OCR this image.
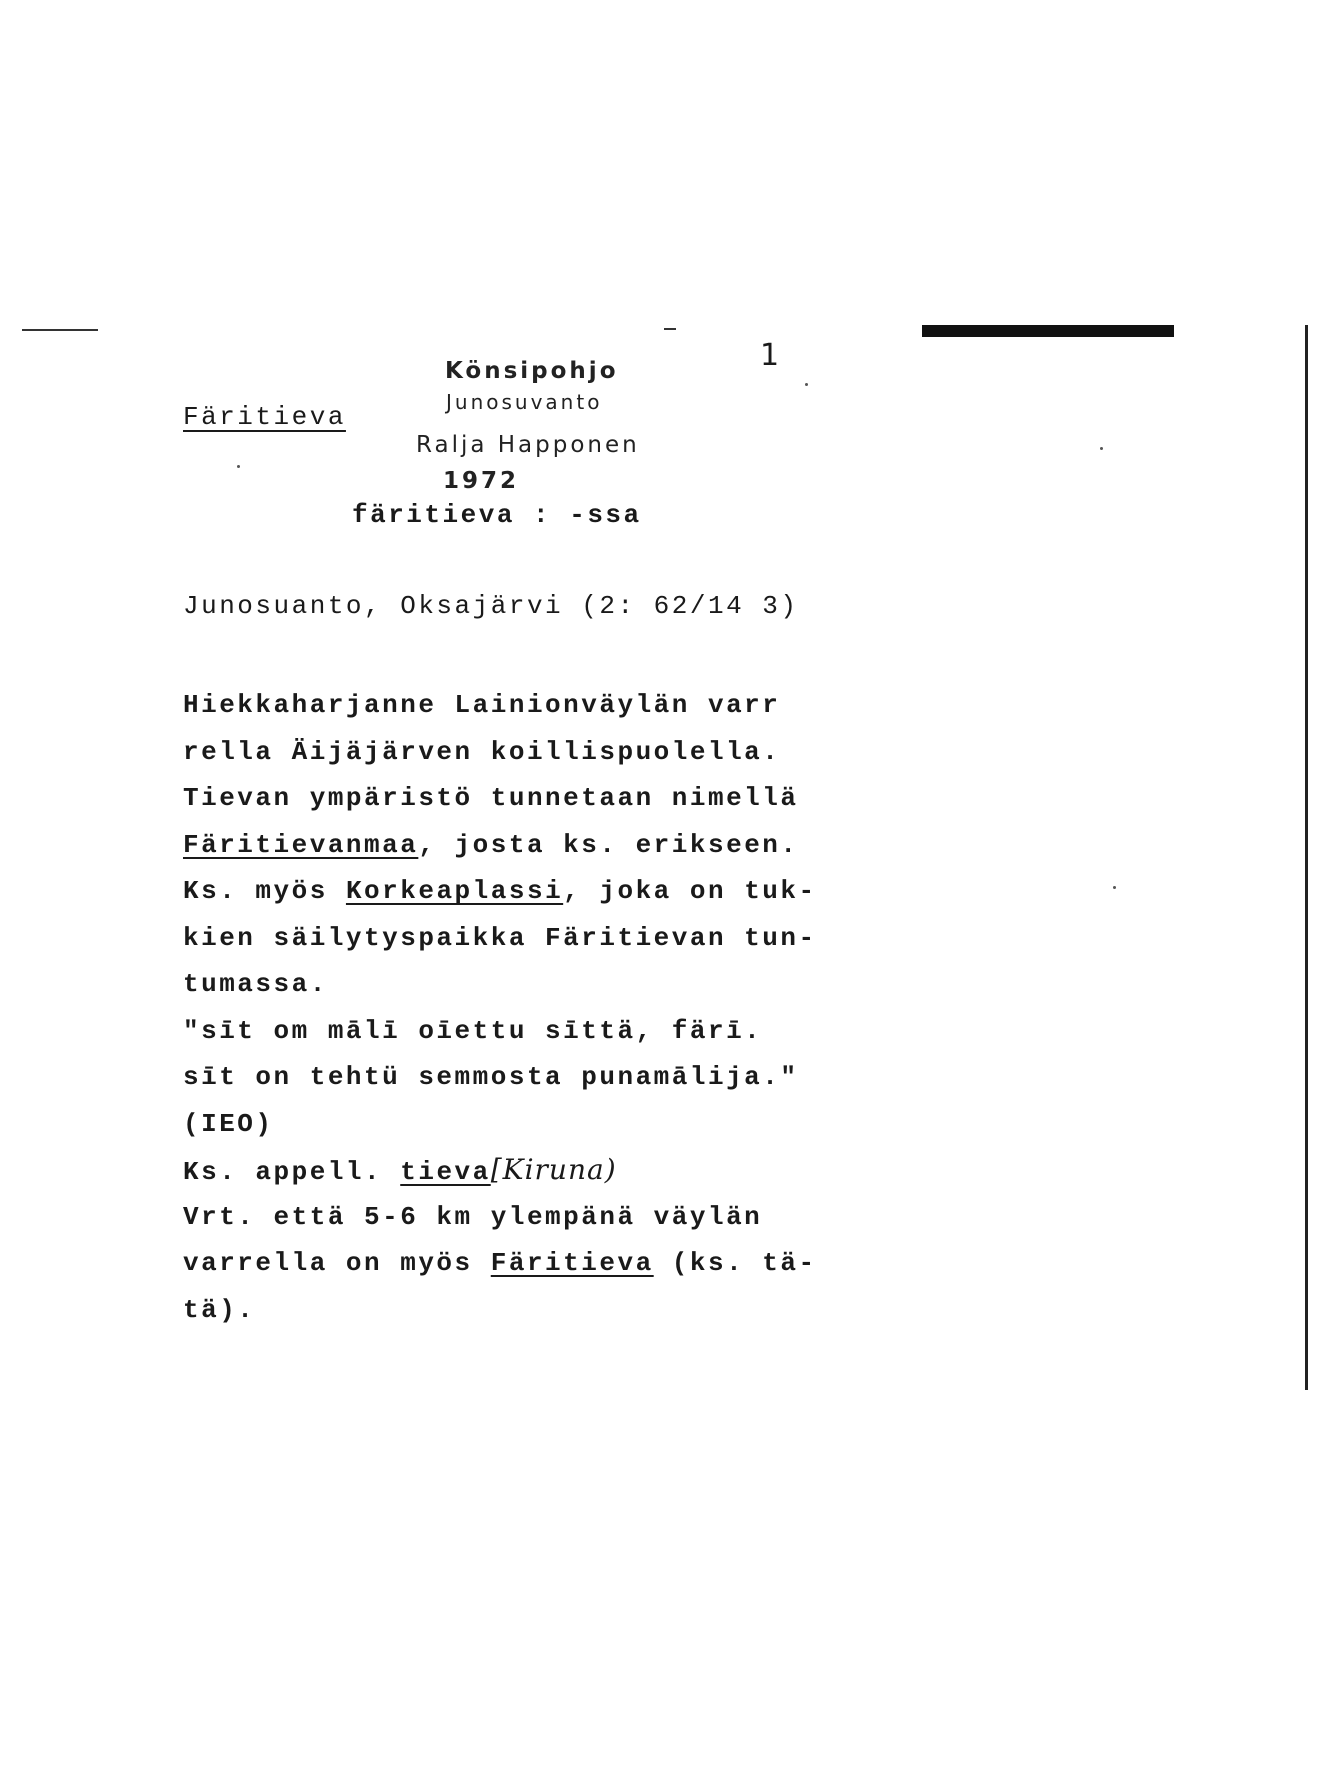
Könsipohjo
Junosuvanto
Ralja Happonen
1972
1
Färitieva
färitieva : -ssa
Junosuanto, Oksajärvi (2: 62/14 3)
Hiekkaharjanne Lainionväylän varr
rella Äijäjärven koillispuolella.
Tievan ympäristö tunnetaan nimellä
Färitievanmaa, josta ks. erikseen.
Ks. myös Korkeaplassi, joka on tuk-
kien säilytyspaikka Färitievan tun-
tumassa.
"sīt om mālī oīettu sīttä, färī.
sīt on tehtü semmosta punamālija."
(IEO)
Ks. appell. tieva[Kiruna)
Vrt. että 5-6 km ylempänä väylän
varrella on myös Färitieva (ks. tä-
tä).
